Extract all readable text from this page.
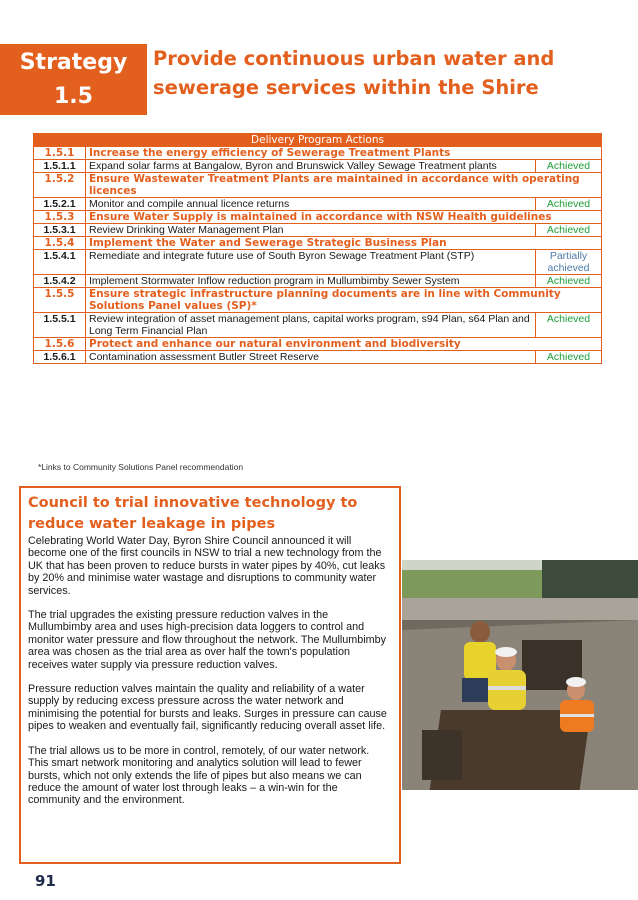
Strategy
1.5
Provide continuous urban water and
sewerage services within the Shire
Delivery Program Actions		
1.5.1	Increase the energy efficiency of Sewerage Treatment Plants	
1.5.1.1	Expand solar farms at Bangalow, Byron and Brunswick Valley Sewage Treatment plants	Achieved
1.5.2	Ensure Wastewater Treatment Plants are maintained in accordance with operating licences	
1.5.2.1	Monitor and compile annual licence returns	Achieved
1.5.3	Ensure Water Supply is maintained in accordance with NSW Health guidelines	
1.5.3.1	Review Drinking Water Management Plan	Achieved
1.5.4	Implement the Water and Sewerage Strategic Business Plan	
1.5.4.1	Remediate and integrate future use of South Byron Sewage Treatment Plant (STP)	Partially achieved
1.5.4.2	Implement Stormwater Inflow reduction program in Mullumbimby Sewer System	Achieved
1.5.5	Ensure strategic infrastructure planning documents are in line with Community Solutions Panel values (SP)*	
1.5.5.1	Review integration of asset management plans, capital works program, s94 Plan, s64 Plan and Long Term Financial Plan	Achieved
1.5.6	Protect and enhance our natural environment and biodiversity	
1.5.6.1	Contamination assessment Butler Street Reserve	Achieved
*Links to Community Solutions Panel recommendation
Council to trial innovative technology to reduce water leakage in pipes

Celebrating World Water Day, Byron Shire Council announced it will become one of the first councils in NSW to trial a new technology from the UK that has been proven to reduce bursts in water pipes by 40%, cut leaks by 20% and minimise water wastage and disruptions to community water services.

The trial upgrades the existing pressure reduction valves in the Mullumbimby area and uses high-precision data loggers to control and monitor water pressure and flow throughout the network. The Mullumbimby area was chosen as the trial area as over half the town's population receives water supply via pressure reduction valves.

Pressure reduction valves maintain the quality and reliability of a water supply by reducing excess pressure across the water network and minimising the potential for bursts and leaks. Surges in pressure can cause pipes to weaken and eventually fail, significantly reducing overall asset life.

The trial allows us to be more in control, remotely, of our water network. This smart network monitoring and analytics solution will lead to fewer bursts, which not only extends the life of pipes but also means we can reduce the amount of water lost through leaks – a win-win for the community and the environment.

91
